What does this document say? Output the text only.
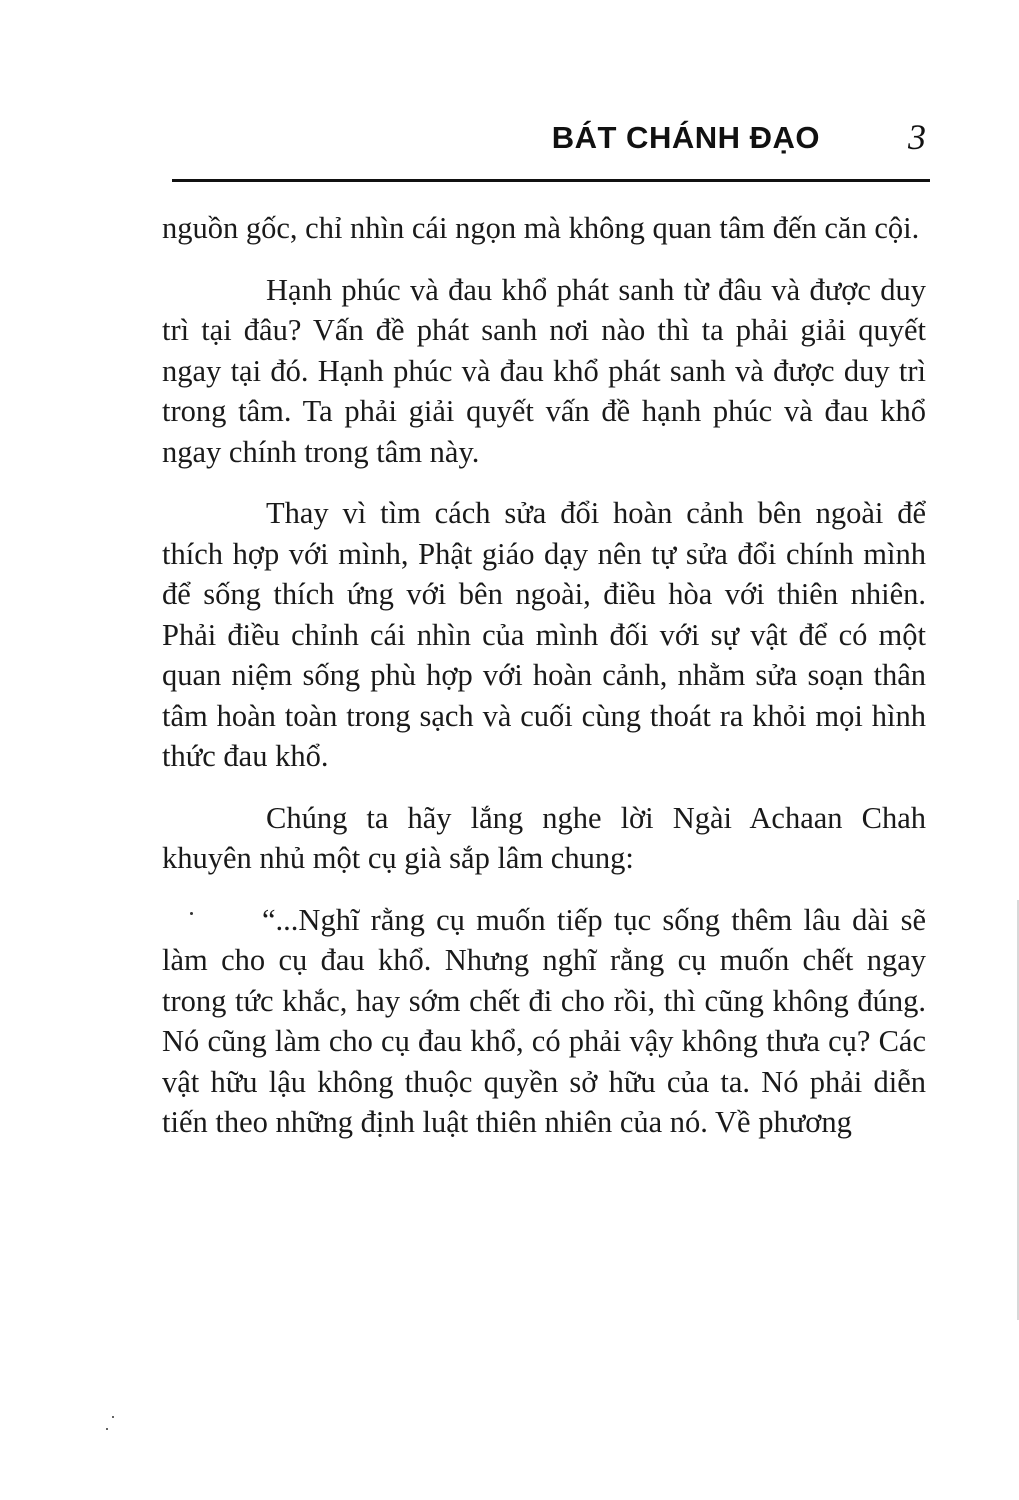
BÁT CHÁNH ĐẠO 3

nguồn gốc, chỉ nhìn cái ngọn mà không quan tâm đến căn cội.

Hạnh phúc và đau khổ phát sanh từ đâu và được duy trì tại đâu? Vấn đề phát sanh nơi nào thì ta phải giải quyết ngay tại đó. Hạnh phúc và đau khổ phát sanh và được duy trì trong tâm. Ta phải giải quyết vấn đề hạnh phúc và đau khổ ngay chính trong tâm này.

Thay vì tìm cách sửa đổi hoàn cảnh bên ngoài để thích hợp với mình, Phật giáo dạy nên tự sửa đổi chính mình để sống thích ứng với bên ngoài, điều hòa với thiên nhiên. Phải điều chỉnh cái nhìn của mình đối với sự vật để có một quan niệm sống phù hợp với hoàn cảnh, nhằm sửa soạn thân tâm hoàn toàn trong sạch và cuối cùng thoát ra khỏi mọi hình thức đau khổ.

Chúng ta hãy lắng nghe lời Ngài Achaan Chah khuyên nhủ một cụ già sắp lâm chung:

“...Nghĩ rằng cụ muốn tiếp tục sống thêm lâu dài sẽ làm cho cụ đau khổ. Nhưng nghĩ rằng cụ muốn chết ngay trong tức khắc, hay sớm chết đi cho rồi, thì cũng không đúng. Nó cũng làm cho cụ đau khổ, có phải vậy không thưa cụ? Các vật hữu lậu không thuộc quyền sở hữu của ta. Nó phải diễn tiến theo những định luật thiên nhiên của nó. Về phương
